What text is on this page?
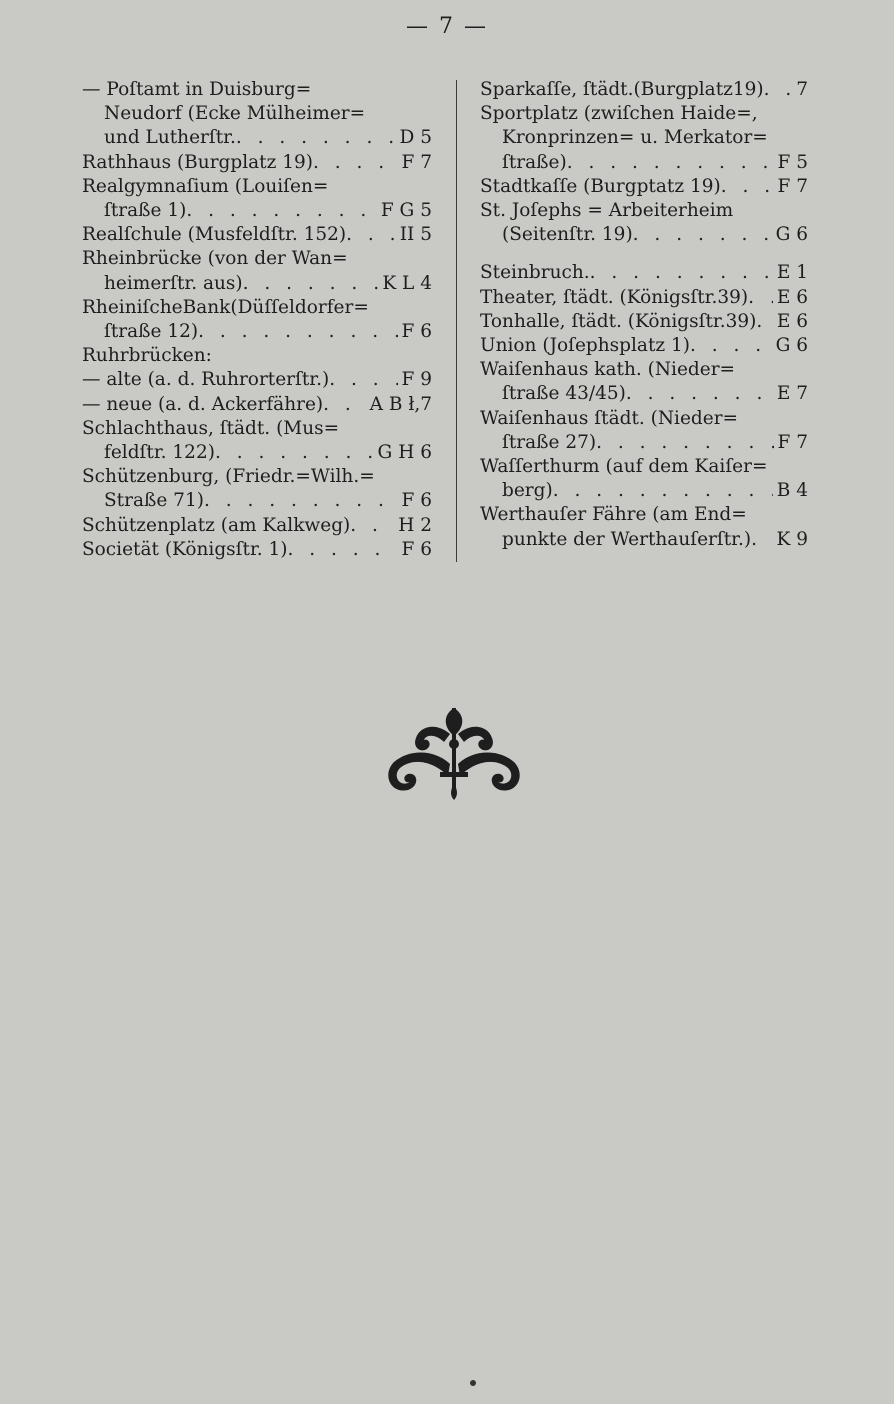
— 7 —
— Poſtamt in Duisburg=
Neudorf (Ecke Mülheimer=
und Lutherſtr. . . .	D 5
Rathhaus (Burgplatz 19) . . .	F 7
Realgymnaſium (Louiſen=
ſtraße 1) . . .	F G 5
Realſchule (Musfeldſtr. 152) . . .	II 5
Rheinbrücke (von der Wan=
heimerſtr. aus) . . .	K L 4
RheiniſcheBank(Düſſeldorfer=
ſtraße 12) . . .	F 6
Ruhrbrücken:
— alte (a. d. Ruhrorterſtr.) . . .	F 9
— neue (a. d. Ackerfähre) . . .	A B ł,7
Schlachthaus, ſtädt. (Mus=
feldſtr. 122) . . .	G H 6
Schützenburg, (Friedr.=Wilh.=
Straße 71) . . .	F 6
Schützenplatz (am Kalkweg) . . .	H 2
Societät (Königsſtr. 1) . . .	F 6
Sparkaſſe, ſtädt.(Burgplatz19) . . . 7
Sportplatz (zwiſchen Haide=,
Kronprinzen= u. Merkator=
ſtraße) . . .	F 5
Stadtkaſſe (Burgptatz 19) . . .	F 7
St. Joſephs = Arbeiterheim
(Seitenſtr. 19) . . .	G 6
Steinbruch. . . .	E 1
Theater, ſtädt. (Königsſtr.39) . . . E 6
Tonhalle, ſtädt. (Königsſtr.39) . . . E 6
Union (Joſephsplatz 1) . . .	G 6
Waiſenhaus kath. (Nieder=
ſtraße 43/45) . . .	E 7
Waiſenhaus ſtädt. (Nieder=
ſtraße 27) . . .	F 7
Waſſerthurm (auf dem Kaiſer=
berg) . . .	B 4
Werthauſer Fähre (am End=
punkte der Werthauſerſtr.) . . . K 9
